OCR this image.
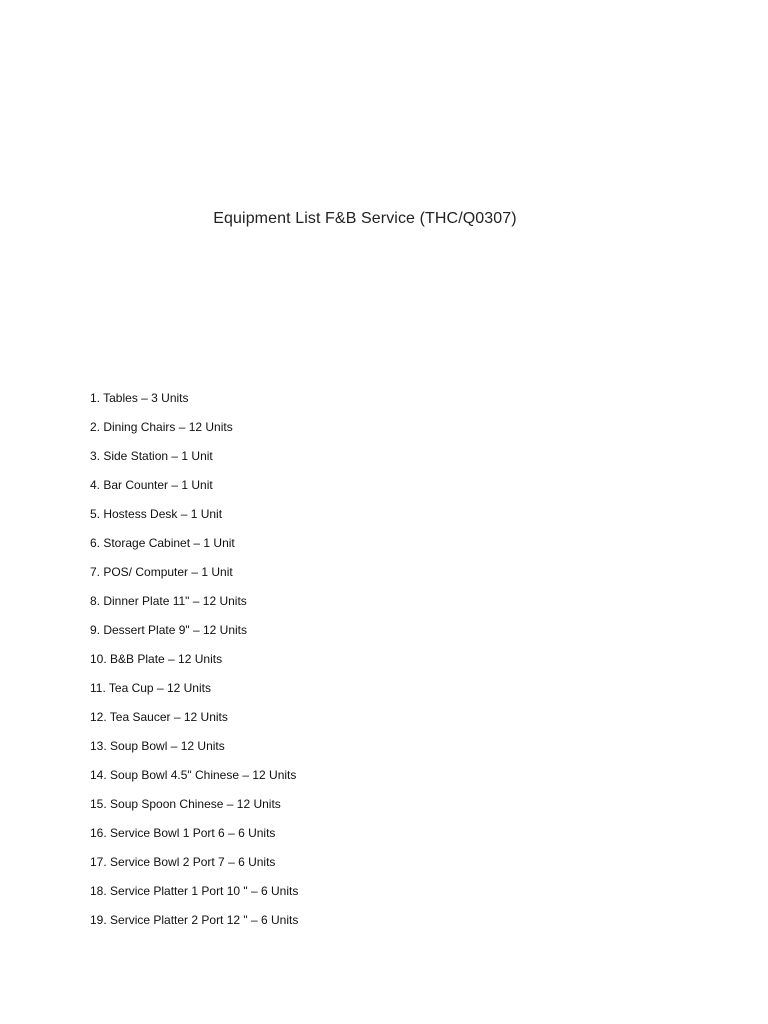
Equipment List F&B Service (THC/Q0307)
1. Tables – 3 Units
2. Dining Chairs – 12 Units
3. Side Station – 1 Unit
4. Bar Counter – 1 Unit
5. Hostess Desk – 1 Unit
6. Storage Cabinet – 1 Unit
7. POS/ Computer – 1 Unit
8. Dinner Plate 11" – 12 Units
9. Dessert Plate 9" – 12 Units
10. B&B Plate – 12 Units
11. Tea Cup – 12 Units
12. Tea Saucer – 12 Units
13. Soup Bowl – 12 Units
14. Soup Bowl 4.5" Chinese – 12 Units
15. Soup Spoon Chinese – 12 Units
16. Service Bowl 1 Port 6 – 6 Units
17. Service Bowl 2 Port 7 – 6 Units
18. Service Platter 1 Port 10 " – 6 Units
19. Service Platter 2 Port 12 " – 6 Units
